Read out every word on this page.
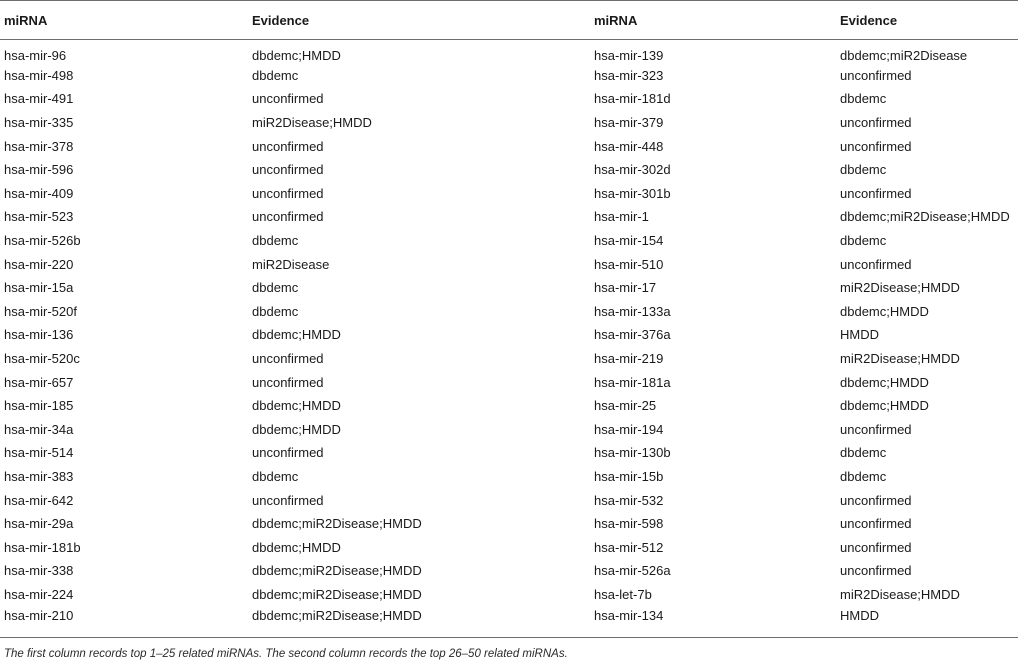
miRNA	Evidence	miRNA	Evidence
hsa-mir-96	dbdemc;HMDD	hsa-mir-139	dbdemc;miR2Disease
hsa-mir-498	dbdemc	hsa-mir-323	unconfirmed
hsa-mir-491	unconfirmed	hsa-mir-181d	dbdemc
hsa-mir-335	miR2Disease;HMDD	hsa-mir-379	unconfirmed
hsa-mir-378	unconfirmed	hsa-mir-448	unconfirmed
hsa-mir-596	unconfirmed	hsa-mir-302d	dbdemc
hsa-mir-409	unconfirmed	hsa-mir-301b	unconfirmed
hsa-mir-523	unconfirmed	hsa-mir-1	dbdemc;miR2Disease;HMDD
hsa-mir-526b	dbdemc	hsa-mir-154	dbdemc
hsa-mir-220	miR2Disease	hsa-mir-510	unconfirmed
hsa-mir-15a	dbdemc	hsa-mir-17	miR2Disease;HMDD
hsa-mir-520f	dbdemc	hsa-mir-133a	dbdemc;HMDD
hsa-mir-136	dbdemc;HMDD	hsa-mir-376a	HMDD
hsa-mir-520c	unconfirmed	hsa-mir-219	miR2Disease;HMDD
hsa-mir-657	unconfirmed	hsa-mir-181a	dbdemc;HMDD
hsa-mir-185	dbdemc;HMDD	hsa-mir-25	dbdemc;HMDD
hsa-mir-34a	dbdemc;HMDD	hsa-mir-194	unconfirmed
hsa-mir-514	unconfirmed	hsa-mir-130b	dbdemc
hsa-mir-383	dbdemc	hsa-mir-15b	dbdemc
hsa-mir-642	unconfirmed	hsa-mir-532	unconfirmed
hsa-mir-29a	dbdemc;miR2Disease;HMDD	hsa-mir-598	unconfirmed
hsa-mir-181b	dbdemc;HMDD	hsa-mir-512	unconfirmed
hsa-mir-338	dbdemc;miR2Disease;HMDD	hsa-mir-526a	unconfirmed
hsa-mir-224	dbdemc;miR2Disease;HMDD	hsa-let-7b	miR2Disease;HMDD
hsa-mir-210	dbdemc;miR2Disease;HMDD	hsa-mir-134	HMDD
The first column records top 1–25 related miRNAs. The second column records the top 26–50 related miRNAs.
